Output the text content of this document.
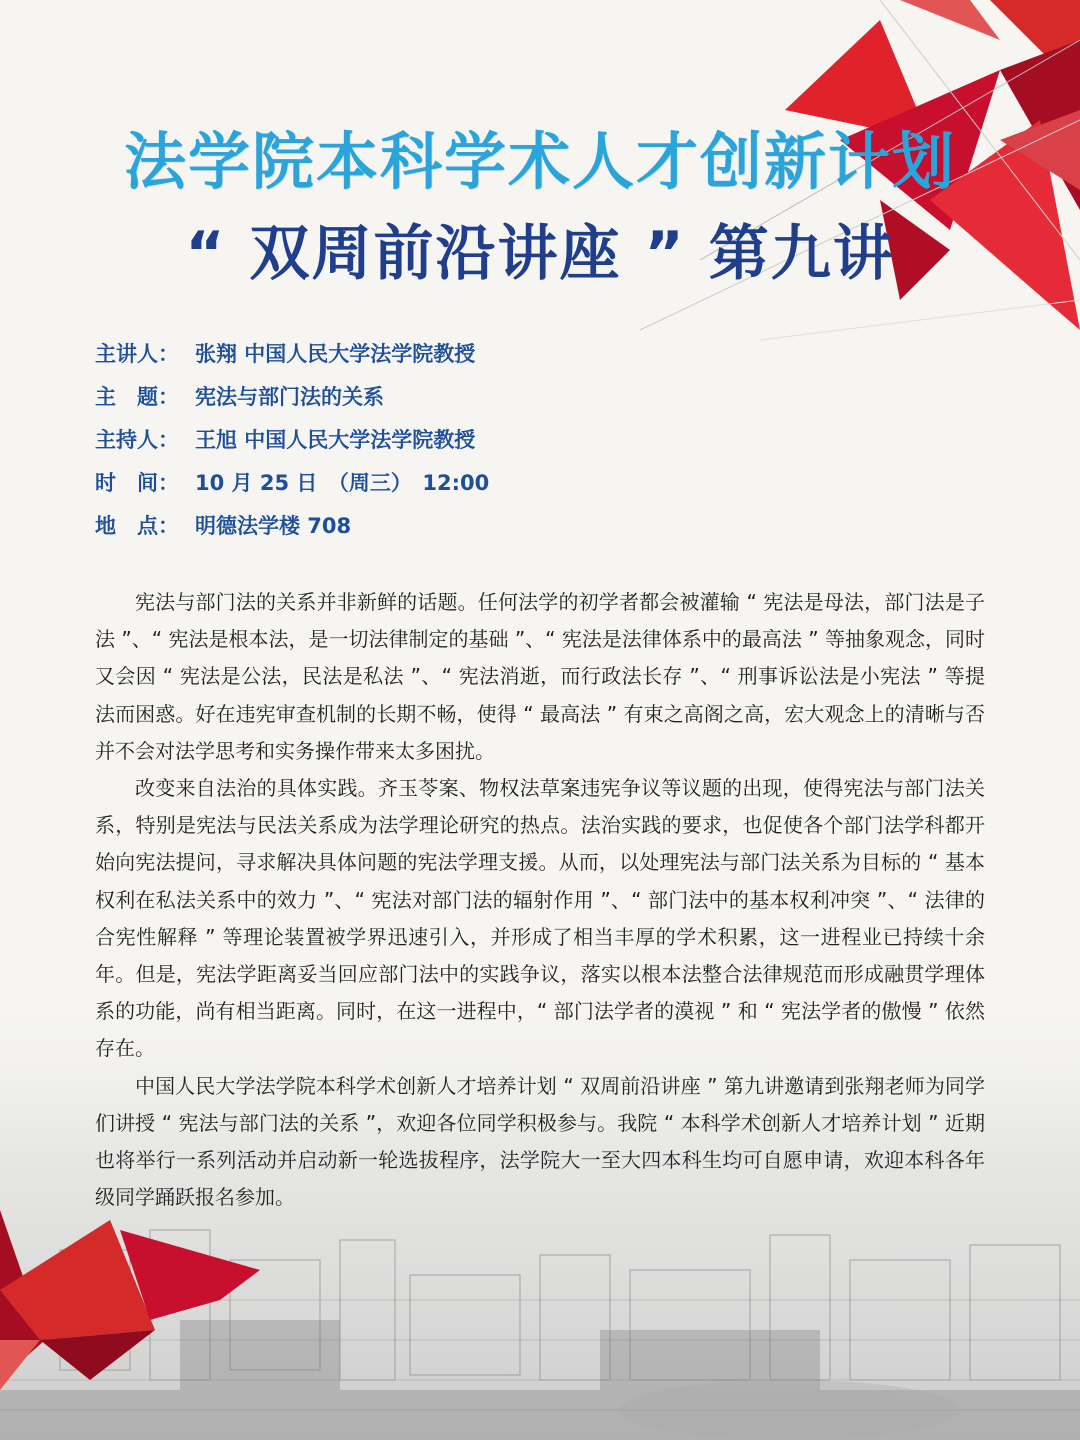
法学院本科学术人才创新计划
“ 双周前沿讲座 ” 第九讲
主讲人： 张翔 中国人民大学法学院教授
主　题： 宪法与部门法的关系
主持人： 王旭 中国人民大学法学院教授
时　间： 10 月 25 日　（周三）　12:00
地　点： 明德法学楼 708

宪法与部门法的关系并非新鲜的话题。任何法学的初学者都会被灌输 “ 宪法是母法，部门法是子法 ”、“ 宪法是根本法，是一切法律制定的基础 ”、“ 宪法是法律体系中的最高法 ” 等抽象观念，同时又会因 “ 宪法是公法，民法是私法 ”、“ 宪法消逝，而行政法长存 ”、“ 刑事诉讼法是小宪法 ” 等提法而困惑。好在违宪审查机制的长期不畅，使得 “ 最高法 ” 有束之高阁之高，宏大观念上的清晰与否并不会对法学思考和实务操作带来太多困扰。

改变来自法治的具体实践。齐玉苓案、物权法草案违宪争议等议题的出现，使得宪法与部门法关系，特别是宪法与民法关系成为法学理论研究的热点。法治实践的要求，也促使各个部门法学科都开始向宪法提问，寻求解决具体问题的宪法学理支援。从而，以处理宪法与部门法关系为目标的 “ 基本权利在私法关系中的效力 ”、“ 宪法对部门法的辐射作用 ”、“ 部门法中的基本权利冲突 ”、“ 法律的合宪性解释 ” 等理论装置被学界迅速引入，并形成了相当丰厚的学术积累，这一进程业已持续十余年。但是，宪法学距离妥当回应部门法中的实践争议，落实以根本法整合法律规范而形成融贯学理体系的功能，尚有相当距离。同时，在这一进程中，“ 部门法学者的漠视 ” 和 “ 宪法学者的傲慢 ” 依然存在。

中国人民大学法学院本科学术创新人才培养计划 “ 双周前沿讲座 ” 第九讲邀请到张翔老师为同学们讲授 “ 宪法与部门法的关系 ”，欢迎各位同学积极参与。我院 “ 本科学术创新人才培养计划 ” 近期也将举行一系列活动并启动新一轮选拔程序，法学院大一至大四本科生均可自愿申请，欢迎本科各年级同学踊跃报名参加。
